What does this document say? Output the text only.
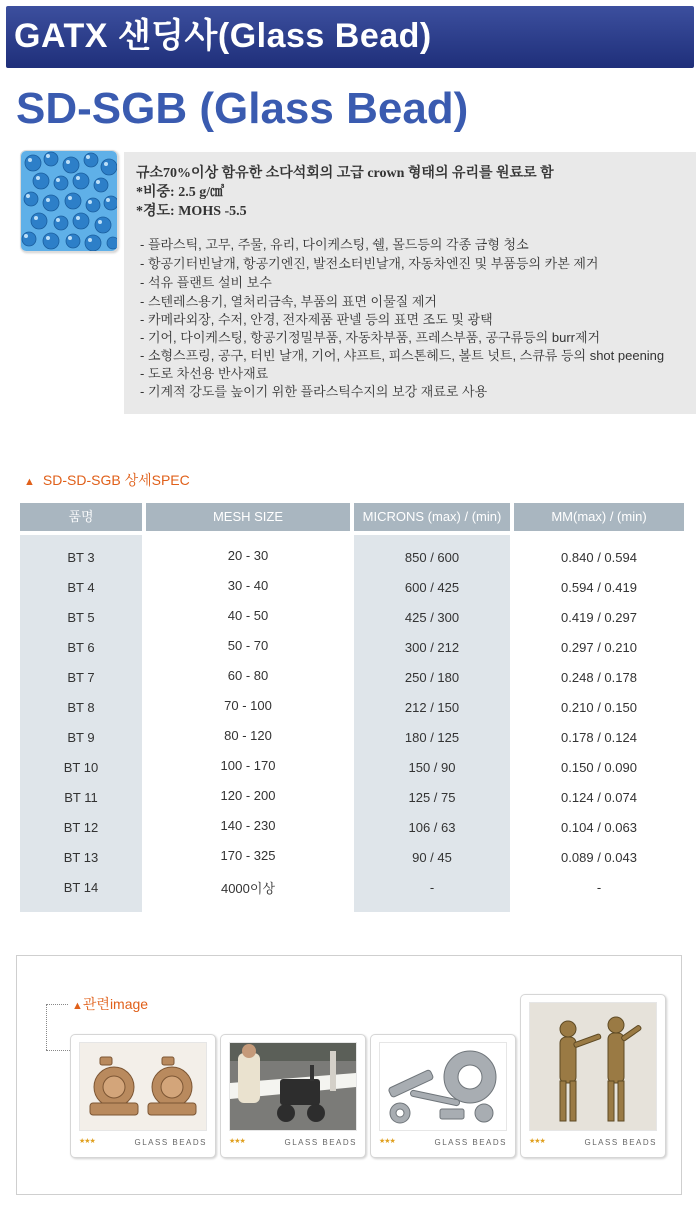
GATX 샌딩사(Glass Bead)
SD-SGB (Glass Bead)
규소70%이상 함유한 소다석회의 고급 crown 형태의 유리를 원료로 함
*비중: 2.5 g/㎤
*경도: MOHS -5.5
- 플라스틱, 고무, 주물, 유리, 다이케스팅, 쉘, 몰드등의 각종 금형 청소
- 항공기터빈날개, 항공기엔진, 발전소터빈날개, 자동차엔진 및 부품등의 카본 제거
- 석유 플랜트 설비 보수
- 스텐레스용기, 열처리금속, 부품의 표면 이물질 제거
- 카메라외장, 수저, 안경, 전자제품 판넬 등의 표면 조도 및 광택
- 기어, 다이케스팅, 항공기정밀부품, 자동차부품, 프레스부품, 공구류등의 burr제거
- 소형스프링, 공구, 터빈 날개, 기어, 샤프트, 피스톤헤드, 볼트 넛트, 스큐류 등의 shot peening
- 도로 차선용 반사재료
- 기계적 강도를 높이기 위한 플라스틱수지의 보강 재료로 사용
▲ SD-SD-SGB 상세SPEC
품명	MESH SIZE	MICRONS (max) / (min)	MM(max) / (min)
BT 3	20 - 30	850 / 600	0.840 / 0.594
BT 4	30 - 40	600 / 425	0.594 / 0.419
BT 5	40 - 50	425 / 300	0.419 / 0.297
BT 6	50 - 70	300 / 212	0.297 / 0.210
BT 7	60 - 80	250 / 180	0.248 / 0.178
BT 8	70 - 100	212 / 150	0.210 / 0.150
BT 9	80 - 120	180 / 125	0.178 / 0.124
BT 10	100 - 170	150 / 90	0.150 / 0.090
BT 11	120 - 200	125 / 75	0.124 / 0.074
BT 12	140 - 230	106 / 63	0.104 / 0.063
BT 13	170 - 325	90 / 45	0.089 / 0.043
BT 14	4000이상	-	-
▲관련image
★★★	GLASS BEADS	★★★	GLASS BEADS	★★★	GLASS BEADS	★★★	GLASS BEADS
